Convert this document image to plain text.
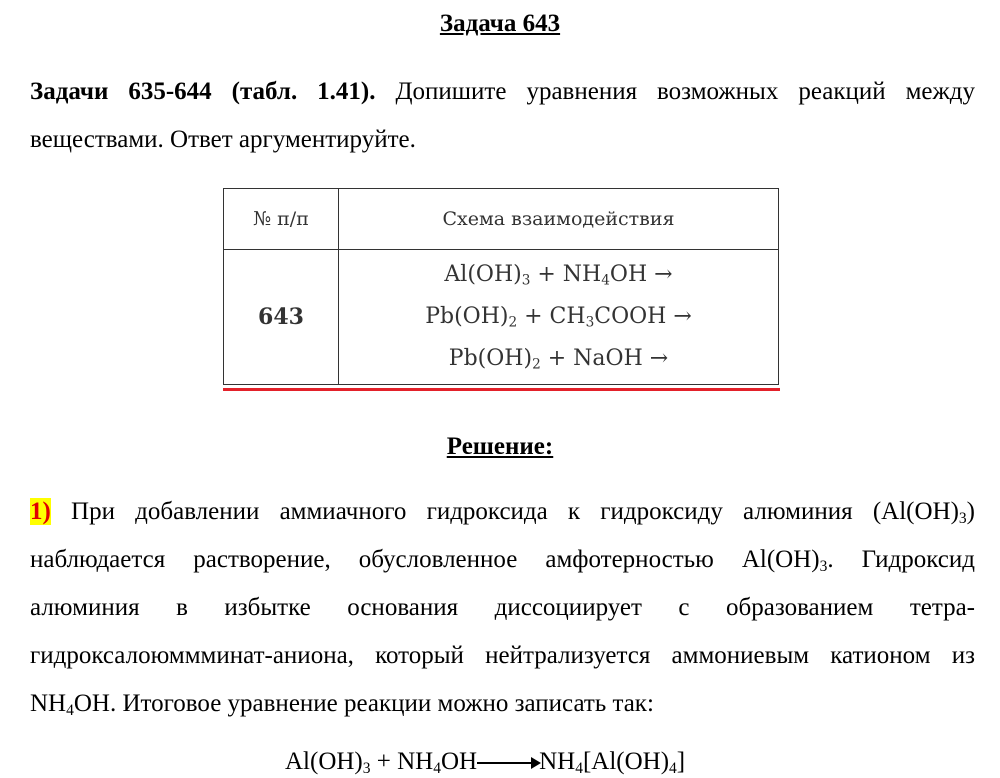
Задача 643
Задачи 635-644 (табл. 1.41). Допишите уравнения возможных реакций между веществами. Ответ аргументируйте.
№ п/п	Схема взаимодействия
643	$Al(OH)_3 + NH_4OH$ →
$Pb(OH)_2$ + $CH_3COOH$ →
$Pb(OH)_2$ + NaOH →
Решение:
1) При добавлении аммиачного гидроксида к гидроксиду алюминия $(Al(OH)_3)$ наблюдается растворение, обусловленное амфотерностью $Al(OH)_3$. Гидроксид алюминия в избытке основания диссоциирует с образованием тетра-гидроксалоюммминат-аниона, который нейтрализуется аммониевым катионом из $NH_4OH$. Итоговое уравнение реакции можно записать так:
$Al(OH)_3 + NH_4OH\to NH_4[Al(OH)_4]$
